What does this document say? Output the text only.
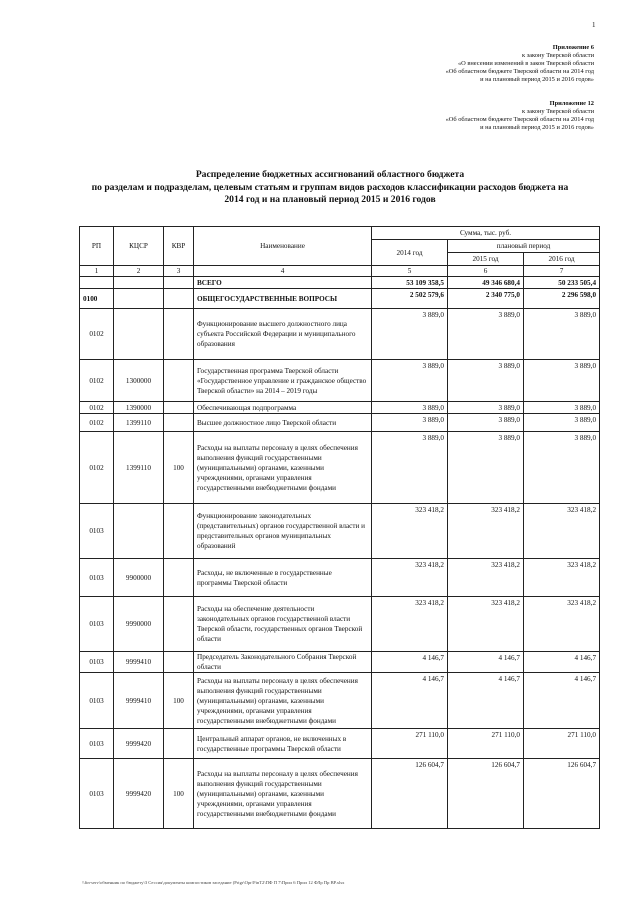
1
Приложение 6
к закону Тверской области
«О внесении изменений в закон Тверской области
«Об областном бюджете Тверской области на 2014 год
и на плановый период 2015 и 2016 годов»
Приложение 12
к закону Тверской области
«Об областном бюджете Тверской области на 2014 год
и на плановый период 2015 и 2016 годов»
Распределение бюджетных ассигнований областного бюджета
по разделам и подразделам, целевым статьям и группам видов расходов классификации расходов бюджета на
2014 год и на плановый период 2015 и 2016 годов
РП	КЦСР	КВР	Наименование	Сумма, тыс. руб.		
				2014 год	плановый период	
					2015 год	2016 год
1	2	3	4	5	6	7
			ВСЕГО	53 109 358,5	49 346 680,4	50 233 505,4
0100			ОБЩЕГОСУДАРСТВЕННЫЕ ВОПРОСЫ	2 502 579,6	2 340 775,0	2 296 598,0
0102			Функционирование высшего должностного лица субъекта Российской Федерации и муниципального образования	3 889,0	3 889,0	3 889,0
0102	1300000		Государственная программа Тверской области «Государственное управление и гражданское общество Тверской области» на 2014 – 2019 годы	3 889,0	3 889,0	3 889,0
0102	1390000		Обеспечивающая подпрограмма	3 889,0	3 889,0	3 889,0
0102	1399110		Высшее должностное лицо Тверской области	3 889,0	3 889,0	3 889,0
0102	1399110	100	Расходы на выплаты персоналу в целях обеспечения выполнения функций государственными (муниципальными) органами, казенными учреждениями, органами управления государственными внебюджетными фондами	3 889,0	3 889,0	3 889,0
0103			Функционирование законодательных (представительных) органов государственной власти и представительных органов муниципальных образований	323 418,2	323 418,2	323 418,2
0103	9900000		Расходы, не включенные в государственные программы Тверской области	323 418,2	323 418,2	323 418,2
0103	9990000		Расходы на обеспечение деятельности законодательных органов государственной власти Тверской области, государственных органов Тверской области	323 418,2	323 418,2	323 418,2
0103	9999410		Председатель Законодательного Собрания Тверской области	4 146,7	4 146,7	4 146,7
0103	9999410	100	Расходы на выплаты персоналу в целях обеспечения выполнения функций государственными (муниципальными) органами, казенными учреждениями, органами управления государственными внебюджетными фондами	4 146,7	4 146,7	4 146,7
0103	9999420		Центральный аппарат органов, не включенных в государственные программы Тверской области	271 110,0	271 110,0	271 110,0
0103	9999420	100	Расходы на выплаты персоналу в целях обеспечения выполнения функций государственными (муниципальными) органами, казенными учреждениями, органами управления государственными внебюджетными фондами	126 604,7	126 604,7	126 604,7
\\fin-serv\обменник по бюджету\3 Сессия\документы компостиков заседание (Prigr\Opr\FinT2\ПФ П 7\Прил 6 Прил 12 ФЛр Пр ВР.xlsx
